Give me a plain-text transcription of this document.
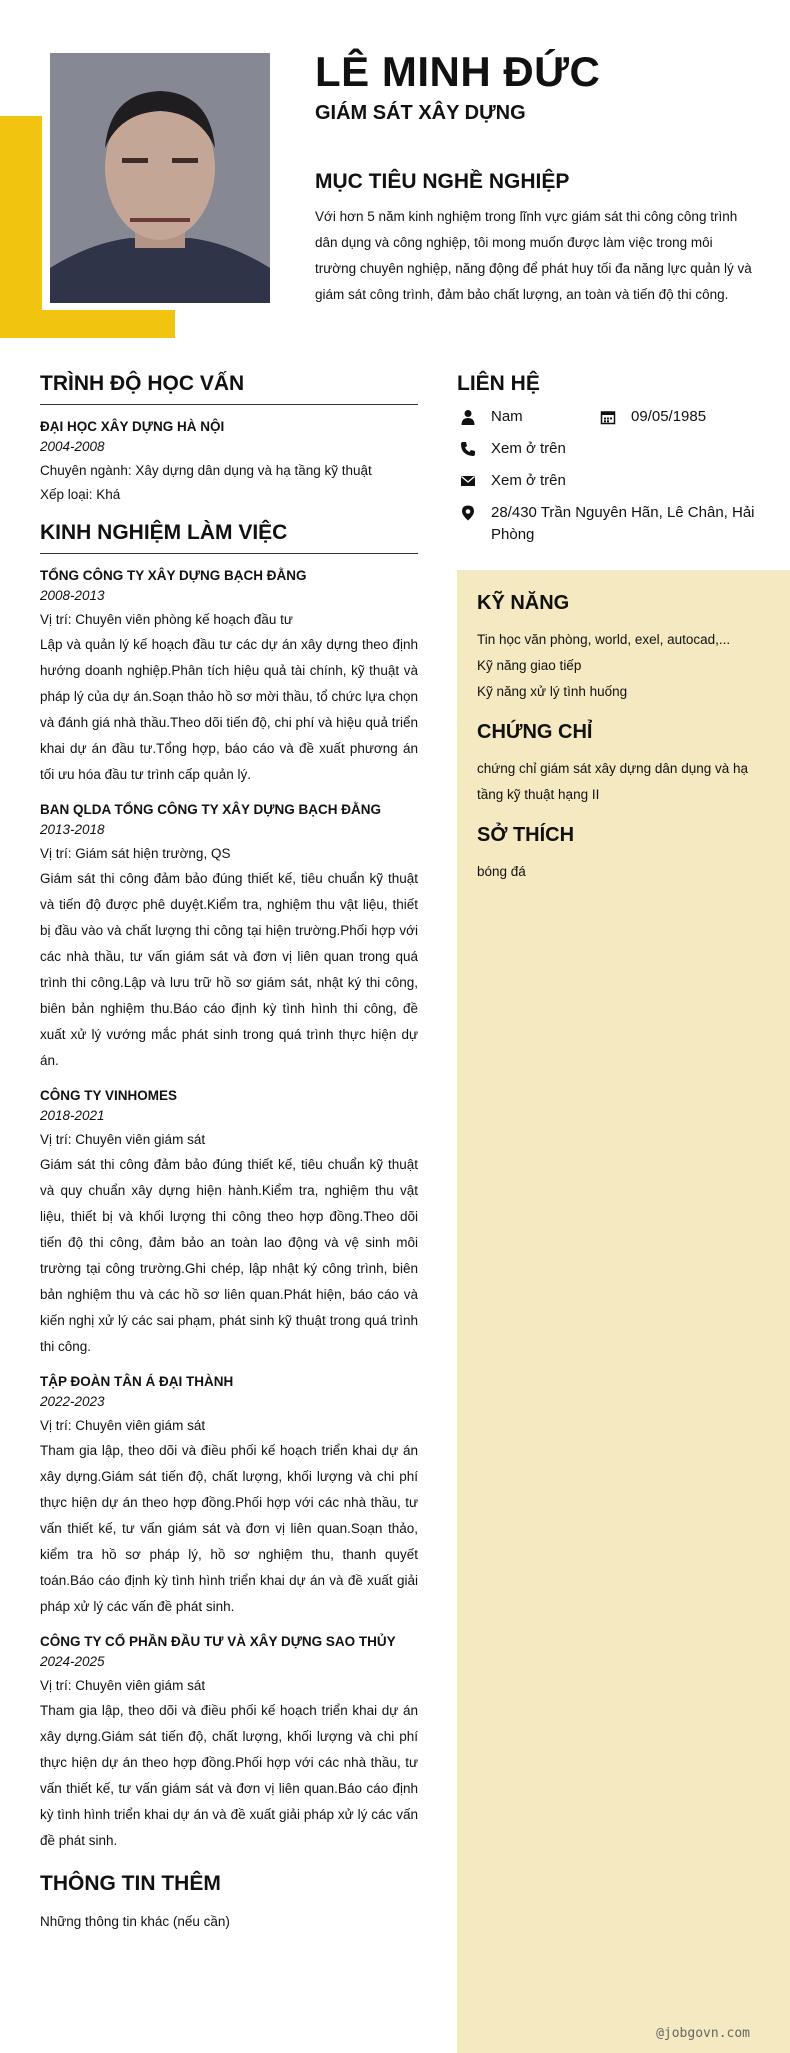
LÊ MINH ĐỨC
GIÁM SÁT XÂY DỰNG
MỤC TIÊU NGHỀ NGHIỆP
Với hơn 5 năm kinh nghiệm trong lĩnh vực giám sát thi công công trình dân dụng và công nghiệp, tôi mong muốn được làm việc trong môi trường chuyên nghiệp, năng động để phát huy tối đa năng lực quản lý và giám sát công trình, đảm bảo chất lượng, an toàn và tiến độ thi công.
TRÌNH ĐỘ HỌC VẤN
ĐẠI HỌC XÂY DỰNG HÀ NỘI
2004-2008
Chuyên ngành: Xây dựng dân dụng và hạ tầng kỹ thuật
Xếp loại: Khá
KINH NGHIỆM LÀM VIỆC
TỔNG CÔNG TY XÂY DỰNG BẠCH ĐẰNG
2008-2013
Vị trí: Chuyên viên phòng kế hoạch đầu tư
Lập và quản lý kế hoạch đầu tư các dự án xây dựng theo định hướng doanh nghiệp.Phân tích hiệu quả tài chính, kỹ thuật và pháp lý của dự án.Soạn thảo hồ sơ mời thầu, tổ chức lựa chọn và đánh giá nhà thầu.Theo dõi tiến độ, chi phí và hiệu quả triển khai dự án đầu tư.Tổng hợp, báo cáo và đề xuất phương án tối ưu hóa đầu tư trình cấp quản lý.
BAN QLDA TỔNG CÔNG TY XÂY DỰNG BẠCH ĐẰNG
2013-2018
Vị trí: Giám sát hiện trường, QS
Giám sát thi công đảm bảo đúng thiết kế, tiêu chuẩn kỹ thuật và tiến độ được phê duyệt.Kiểm tra, nghiệm thu vật liệu, thiết bị đầu vào và chất lượng thi công tại hiện trường.Phối hợp với các nhà thầu, tư vấn giám sát và đơn vị liên quan trong quá trình thi công.Lập và lưu trữ hồ sơ giám sát, nhật ký thi công, biên bản nghiệm thu.Báo cáo định kỳ tình hình thi công, đề xuất xử lý vướng mắc phát sinh trong quá trình thực hiện dự án.
CÔNG TY VINHOMES
2018-2021
Vị trí: Chuyên viên giám sát
Giám sát thi công đảm bảo đúng thiết kế, tiêu chuẩn kỹ thuật và quy chuẩn xây dựng hiện hành.Kiểm tra, nghiệm thu vật liệu, thiết bị và khối lượng thi công theo hợp đồng.Theo dõi tiến độ thi công, đảm bảo an toàn lao động và vệ sinh môi trường tại công trường.Ghi chép, lập nhật ký công trình, biên bản nghiệm thu và các hồ sơ liên quan.Phát hiện, báo cáo và kiến nghị xử lý các sai phạm, phát sinh kỹ thuật trong quá trình thi công.
TẬP ĐOÀN TÂN Á ĐẠI THÀNH
2022-2023
Vị trí: Chuyên viên giám sát
Tham gia lập, theo dõi và điều phối kế hoạch triển khai dự án xây dựng.Giám sát tiến độ, chất lượng, khối lượng và chi phí thực hiện dự án theo hợp đồng.Phối hợp với các nhà thầu, tư vấn thiết kế, tư vấn giám sát và đơn vị liên quan.Soạn thảo, kiểm tra hồ sơ pháp lý, hồ sơ nghiệm thu, thanh quyết toán.Báo cáo định kỳ tình hình triển khai dự án và đề xuất giải pháp xử lý các vấn đề phát sinh.
CÔNG TY CỔ PHẦN ĐẦU TƯ VÀ XÂY DỰNG SAO THỦY
2024-2025
Vị trí: Chuyên viên giám sát
Tham gia lập, theo dõi và điều phối kế hoạch triển khai dự án xây dựng.Giám sát tiến độ, chất lượng, khối lượng và chi phí thực hiện dự án theo hợp đồng.Phối hợp với các nhà thầu, tư vấn thiết kế, tư vấn giám sát và đơn vị liên quan.Báo cáo định kỳ tình hình triển khai dự án và đề xuất giải pháp xử lý các vấn đề phát sinh.
THÔNG TIN THÊM
Những thông tin khác (nếu cần)
LIÊN HỆ
Nam	09/05/1985
Xem ở trên
Xem ở trên
28/430 Trần Nguyên Hãn, Lê Chân, Hải Phòng
KỸ NĂNG
Tin học văn phòng, world, exel, autocad,...
Kỹ năng giao tiếp
Kỹ năng xử lý tình huống
CHỨNG CHỈ
chứng chỉ giám sát xây dựng dân dụng và hạ tầng kỹ thuật hạng II
SỞ THÍCH
bóng đá
@jobgovn.com
